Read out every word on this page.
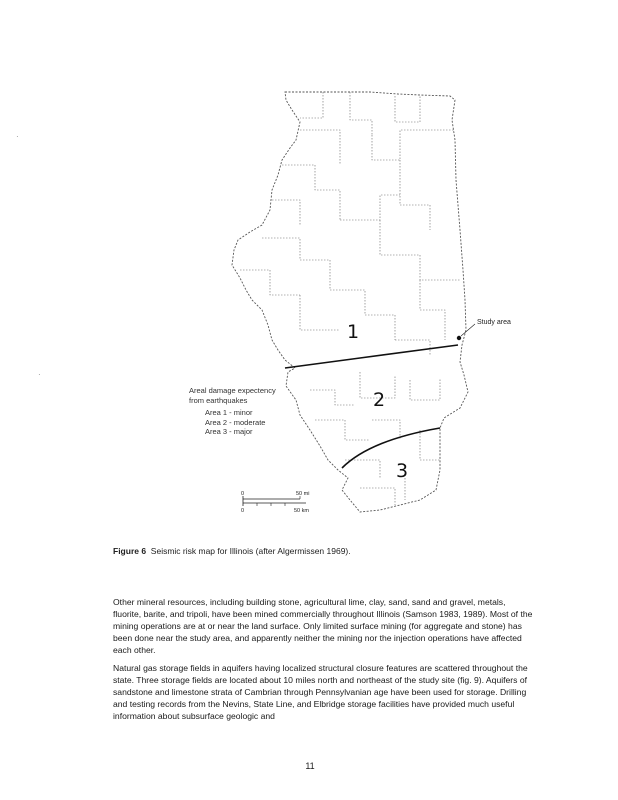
Study area
1
2
3
0	50 mi
0	50 km
·
·
Areal damage expectency
from earthquakes
Area 1 - minor
Area 2 - moderate
Area 3 - major
Figure 6 Seismic risk map for Illinois (after Algermissen 1969).

Other mineral resources, including building stone, agricultural lime, clay, sand, sand and gravel, metals, fluorite, barite, and tripoli, have been mined commercially throughout Illinois (Samson 1983, 1989). Most of the mining operations are at or near the land surface. Only limited surface mining (for aggregate and stone) has been done near the study area, and apparently neither the mining nor the injection operations have affected each other.

Natural gas storage fields in aquifers having localized structural closure features are scattered throughout the state. Three storage fields are located about 10 miles north and northeast of the study site (fig. 9). Aquifers of sandstone and limestone strata of Cambrian through Pennsylvanian age have been used for storage. Drilling and testing records from the Nevins, State Line, and Elbridge storage facilities have provided much useful information about subsurface geologic and

11
